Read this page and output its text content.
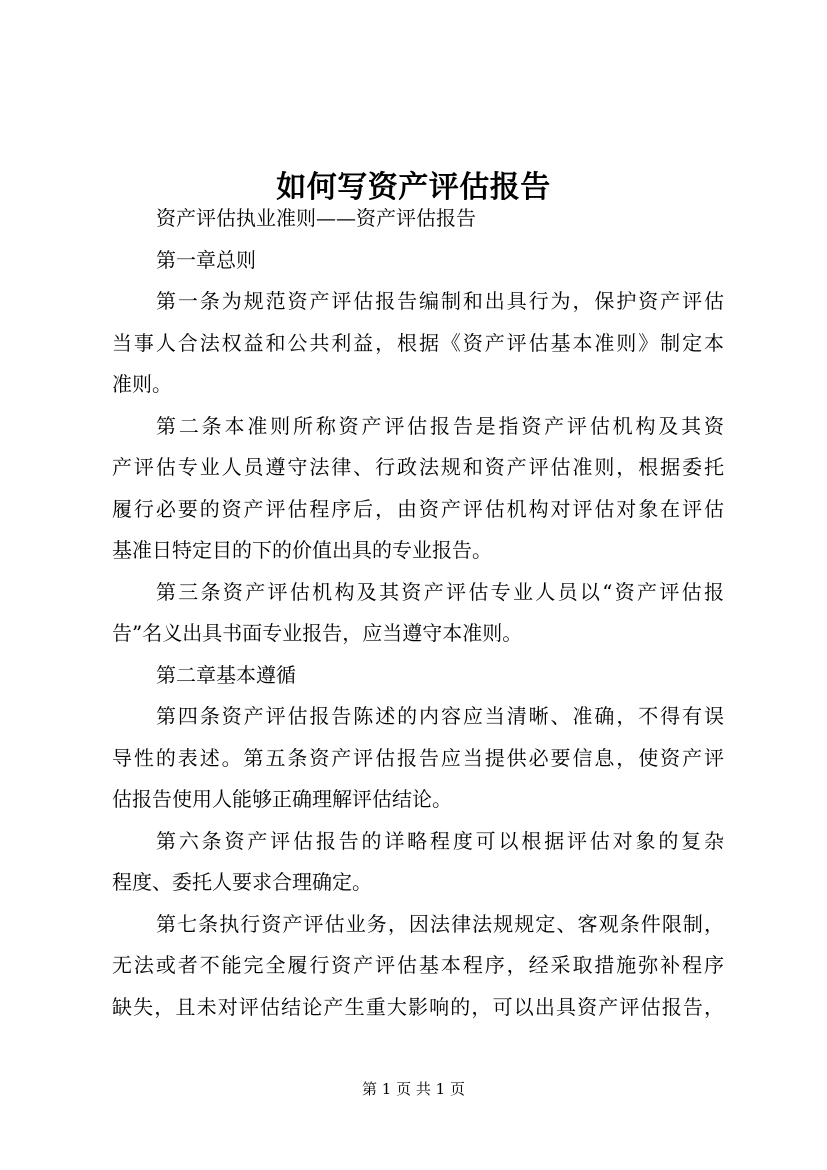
如何写资产评估报告
资产评估执业准则——资产评估报告
第一章总则
第一条为规范资产评估报告编制和出具行为，保护资产评估
当事人合法权益和公共利益，根据《资产评估基本准则》制定本
准则。
第二条本准则所称资产评估报告是指资产评估机构及其资
产评估专业人员遵守法律、行政法规和资产评估准则，根据委托
履行必要的资产评估程序后，由资产评估机构对评估对象在评估
基准日特定目的下的价值出具的专业报告。
第三条资产评估机构及其资产评估专业人员以“资产评估报
告”名义出具书面专业报告，应当遵守本准则。
第二章基本遵循
第四条资产评估报告陈述的内容应当清晰、准确，不得有误
导性的表述。第五条资产评估报告应当提供必要信息，使资产评
估报告使用人能够正确理解评估结论。
第六条资产评估报告的详略程度可以根据评估对象的复杂
程度、委托人要求合理确定。
第七条执行资产评估业务，因法律法规规定、客观条件限制，
无法或者不能完全履行资产评估基本程序，经采取措施弥补程序
缺失，且未对评估结论产生重大影响的，可以出具资产评估报告，
第 1 页 共 1 页
